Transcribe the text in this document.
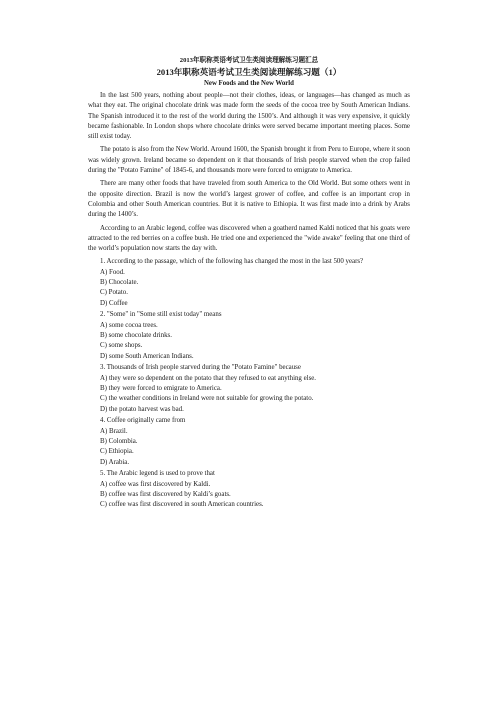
2013年职称英语考试卫生类阅读理解练习题汇总
2013年职称英语考试卫生类阅读理解练习题（1）
New Foods and the New World

In the last 500 years, nothing about people—not their clothes, ideas, or languages—has changed as much as what they eat. The original chocolate drink was made form the seeds of the cocoa tree by South American Indians. The Spanish introduced it to the rest of the world during the 1500’s. And although it was very expensive, it quickly became fashionable. In London shops where chocolate drinks were served became important meeting places. Some still exist today.

The potato is also from the New World. Around 1600, the Spanish brought it from Peru to Europe, where it soon was widely grown. Ireland became so dependent on it that thousands of Irish people starved when the crop failed during the "Potato Famine" of 1845-6, and thousands more were forced to emigrate to America.

There are many other foods that have traveled from south America to the Old World. But some others went in the opposite direction. Brazil is now the world’s largest grower of coffee, and coffee is an important crop in Colombia and other South American countries. But it is native to Ethiopia. It was first made into a drink by Arabs during the 1400’s.

According to an Arabic legend, coffee was discovered when a goatherd named Kaldi noticed that his goats were attracted to the red berries on a coffee bush. He tried one and experienced the "wide awake" feeling that one third of the world’s population now starts the day with.

1. According to the passage, which of the following has changed the most in the last 500 years?
A) Food.
B) Chocolate.
C) Potato.
D) Coffee
2. "Some" in "Some still exist today" means
A) some cocoa trees.
B) some chocolate drinks.
C) some shops.
D) some South American Indians.
3. Thousands of Irish people starved during the "Potato Famine" because
A) they were so dependent on the potato that they refused to eat anything else.
B) they were forced to emigrate to America.
C) the weather conditions in Ireland were not suitable for growing the potato.
D) the potato harvest was bad.
4. Coffee originally came from
A) Brazil.
B) Colombia.
C) Ethiopia.
D) Arabia.
5. The Arabic legend is used to prove that
A) coffee was first discovered by Kaldi.
B) coffee was first discovered by Kaldi’s goats.
C) coffee was first discovered in south American countries.
